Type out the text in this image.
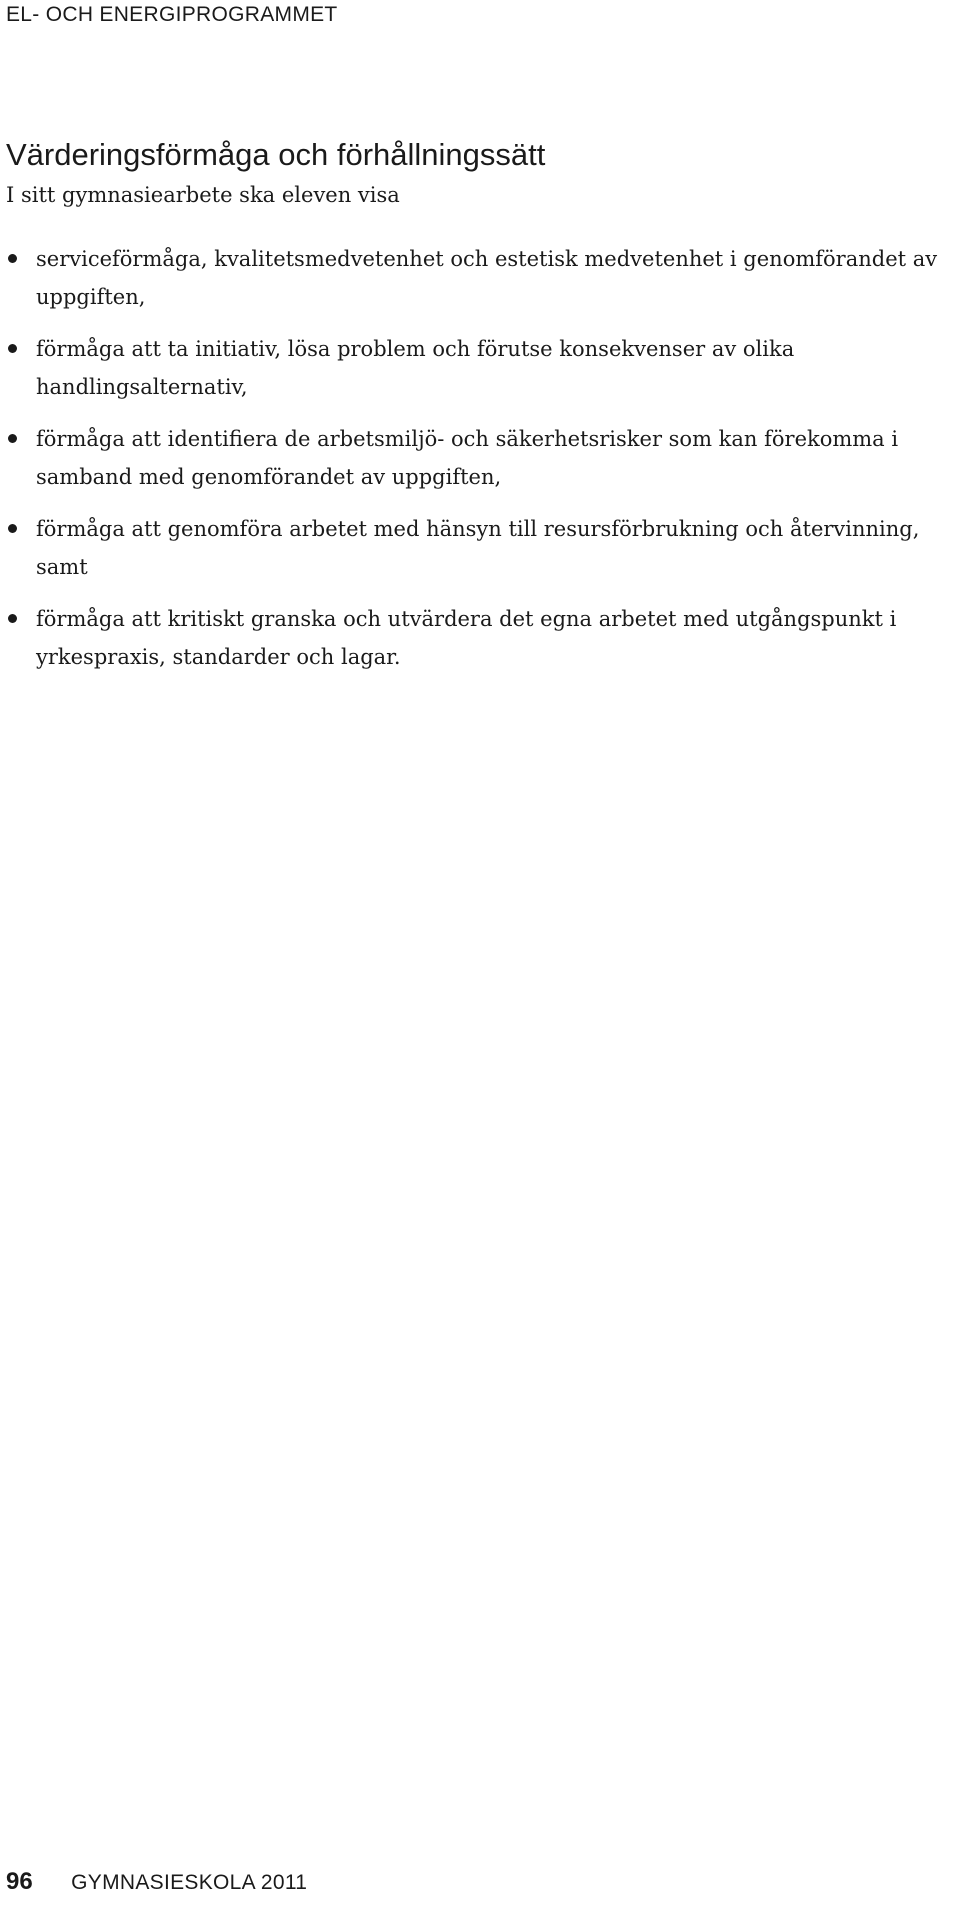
EL- OCH ENERGIPROGRAMMET
Värderingsförmåga och förhållningssätt

I sitt gymnasiearbete ska eleven visa

serviceförmåga, kvalitetsmedvetenhet och estetisk medvetenhet i genomförandet av uppgiften,
förmåga att ta initiativ, lösa problem och förutse konsekvenser av olika handlingsalternativ,
förmåga att identifiera de arbetsmiljö- och säkerhetsrisker som kan förekomma i samband med genomförandet av uppgiften,
förmåga att genomföra arbetet med hänsyn till resursförbrukning och återvinning, samt
förmåga att kritiskt granska och utvärdera det egna arbetet med utgångspunkt i yrkespraxis, standarder och lagar.
96 GYMNASIESKOLA 2011
